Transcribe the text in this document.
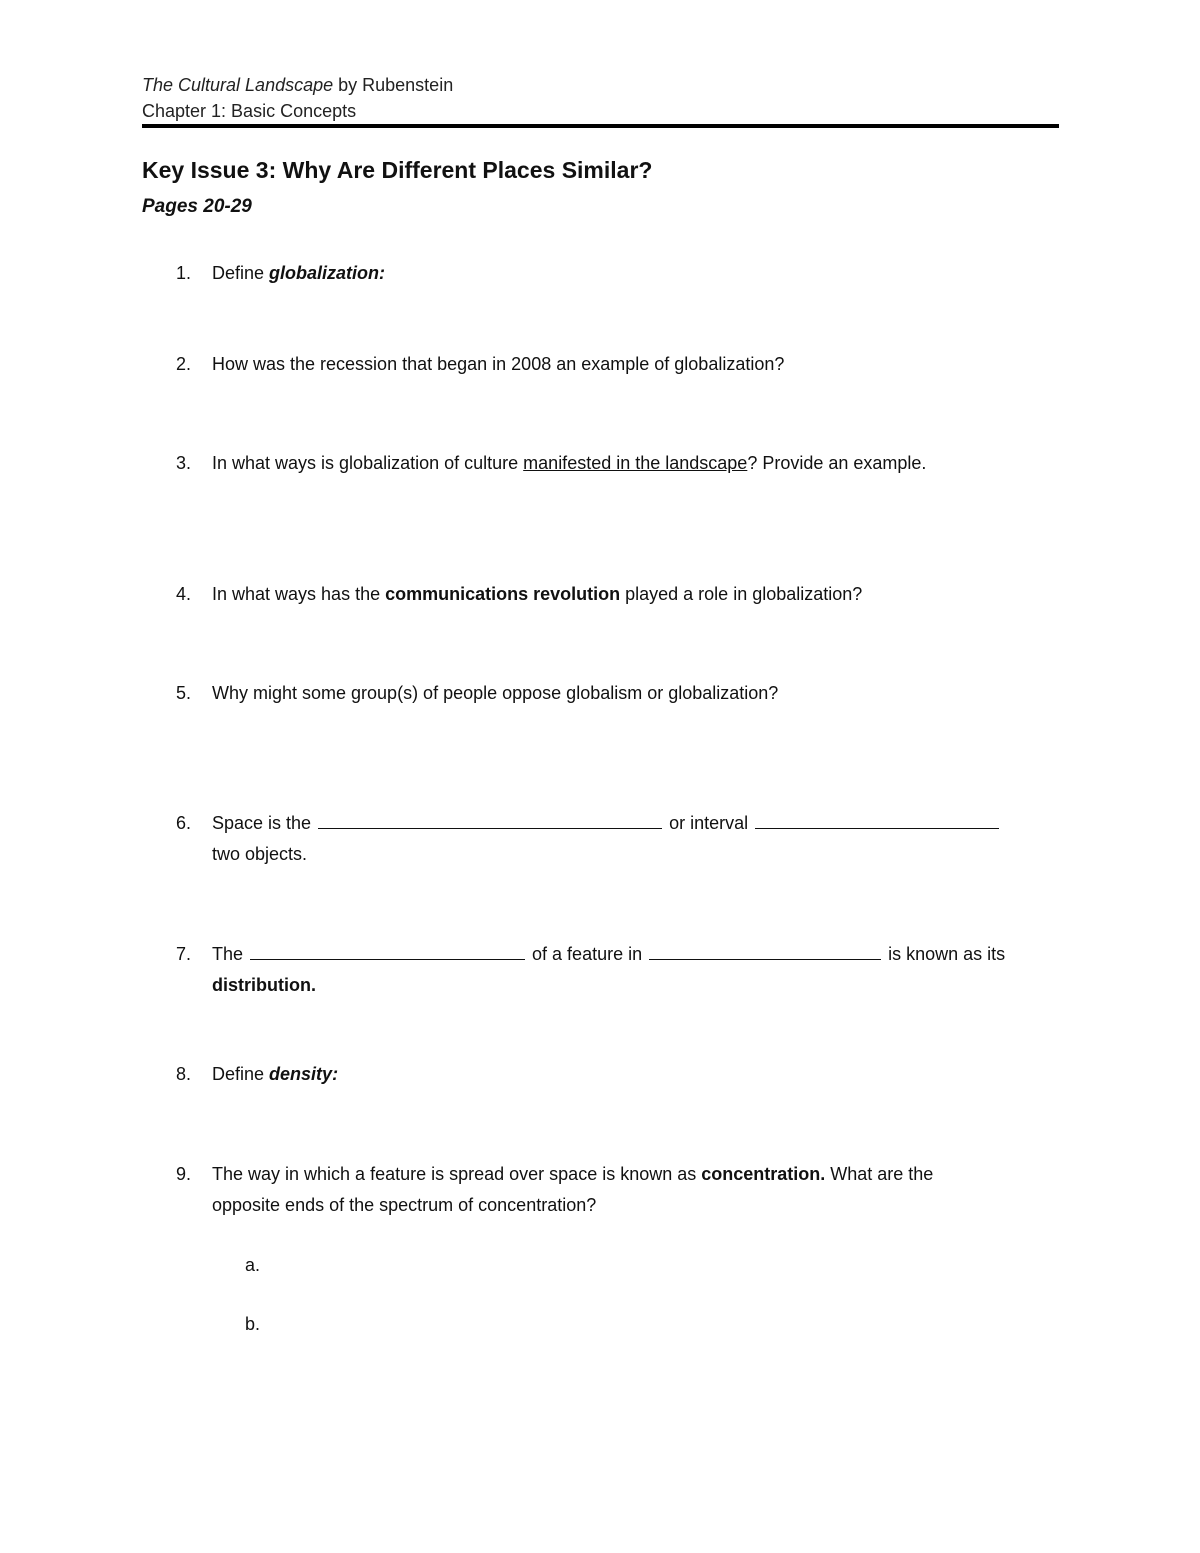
The Cultural Landscape by Rubenstein
Chapter 1: Basic Concepts
Key Issue 3: Why Are Different Places Similar?
Pages 20-29
1.	Define globalization:
2.	How was the recession that began in 2008 an example of globalization?
3.	In what ways is globalization of culture manifested in the landscape? Provide an example.
4.	In what ways has the communications revolution played a role in globalization?
5.	Why might some group(s) of people oppose globalism or globalization?
6.	Space is the	or interval
two objects.
7.	The	of a feature in	is known as its
distribution.
8.	Define density:
9.	The way in which a feature is spread over space is known as concentration. What are the
opposite ends of the spectrum of concentration?
a.
b.
